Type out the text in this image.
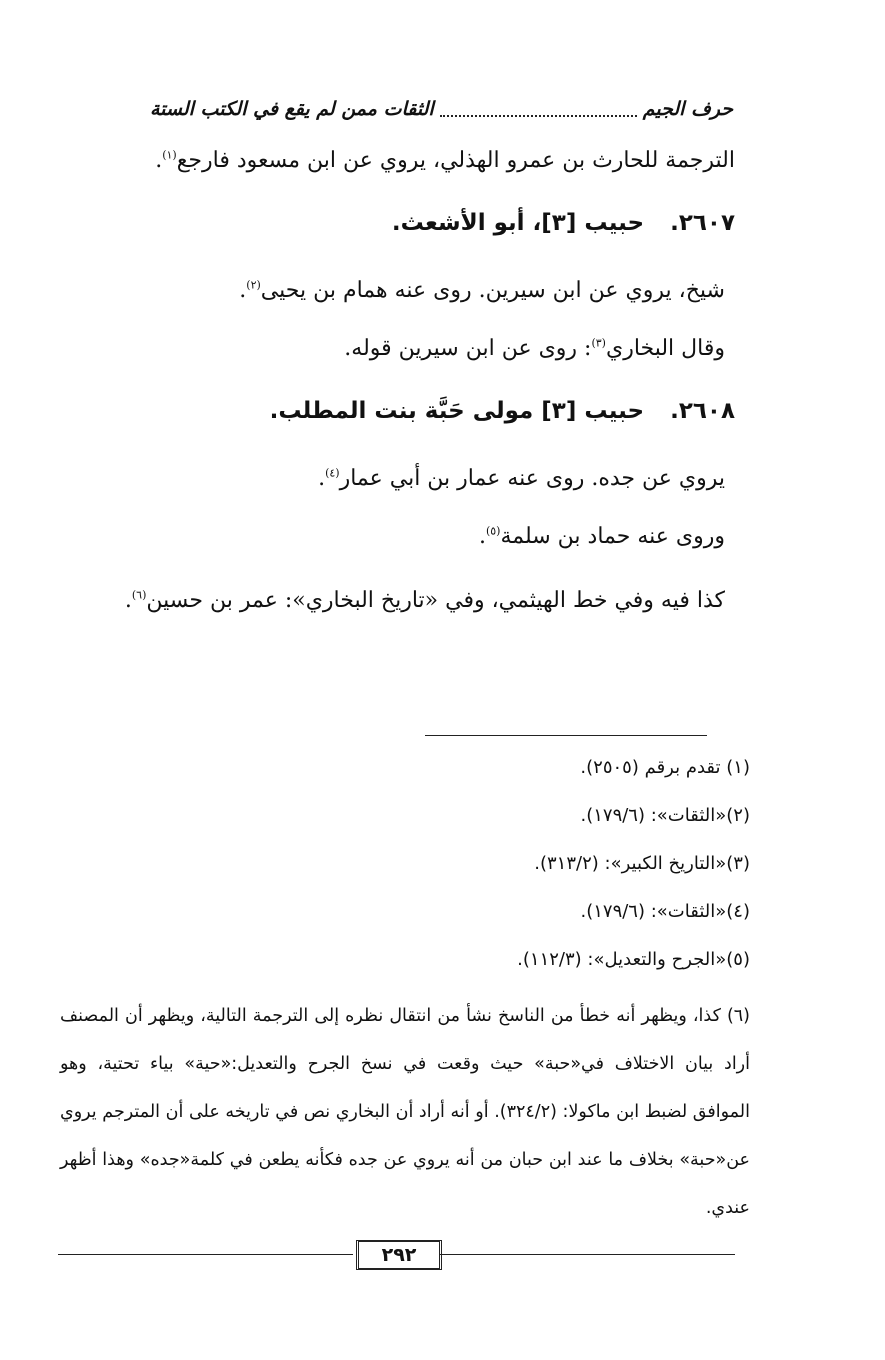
حرف الجيم
الثقات ممن لم يقع في الكتب الستة
الترجمة للحارث بن عمرو الهذلي، يروي عن ابن مسعود فارجع$^{(١)}$.
٢٦٠٧. حبيب [٣]، أبو الأشعث.
شيخ، يروي عن ابن سيرين. روى عنه همام بن يحيى$^{(٢)}$.
وقال البخاري$^{(٣)}$: روى عن ابن سيرين قوله.
٢٦٠٨. حبيب [٣] مولى حَبَّة بنت المطلب.
يروي عن جده. روى عنه عمار بن أبي عمار$^{(٤)}$.
وروى عنه حماد بن سلمة$^{(٥)}$.
كذا فيه وفي خط الهيثمي، وفي «تاريخ البخاري»: عمر بن حسين$^{(٦)}$.
(١) تقدم برقم (٢٥٠٥).
(٢)«الثقات»: (١٧٩/٦).
(٣)«التاريخ الكبير»: (٣١٣/٢).
(٤)«الثقات»: (١٧٩/٦).
(٥)«الجرح والتعديل»: (١١٢/٣).
(٦)كذا، ويظهر أنه خطأ من الناسخ نشأ من انتقال نظره إلى الترجمة التالية، ويظهر أن المصنف أراد بيان الاختلاف في«حبة» حيث وقعت في نسخ الجرح والتعديل:«حية» بياء تحتية، وهو الموافق لضبط ابن ماكولا: (٣٢٤/٢). أو أنه أراد أن البخاري نص في تاريخه على أن المترجم يروي عن«حبة» بخلاف ما عند ابن حبان من أنه يروي عن جده فكأنه يطعن في كلمة«جده» وهذا أظهر عندي.
٢٩٢
